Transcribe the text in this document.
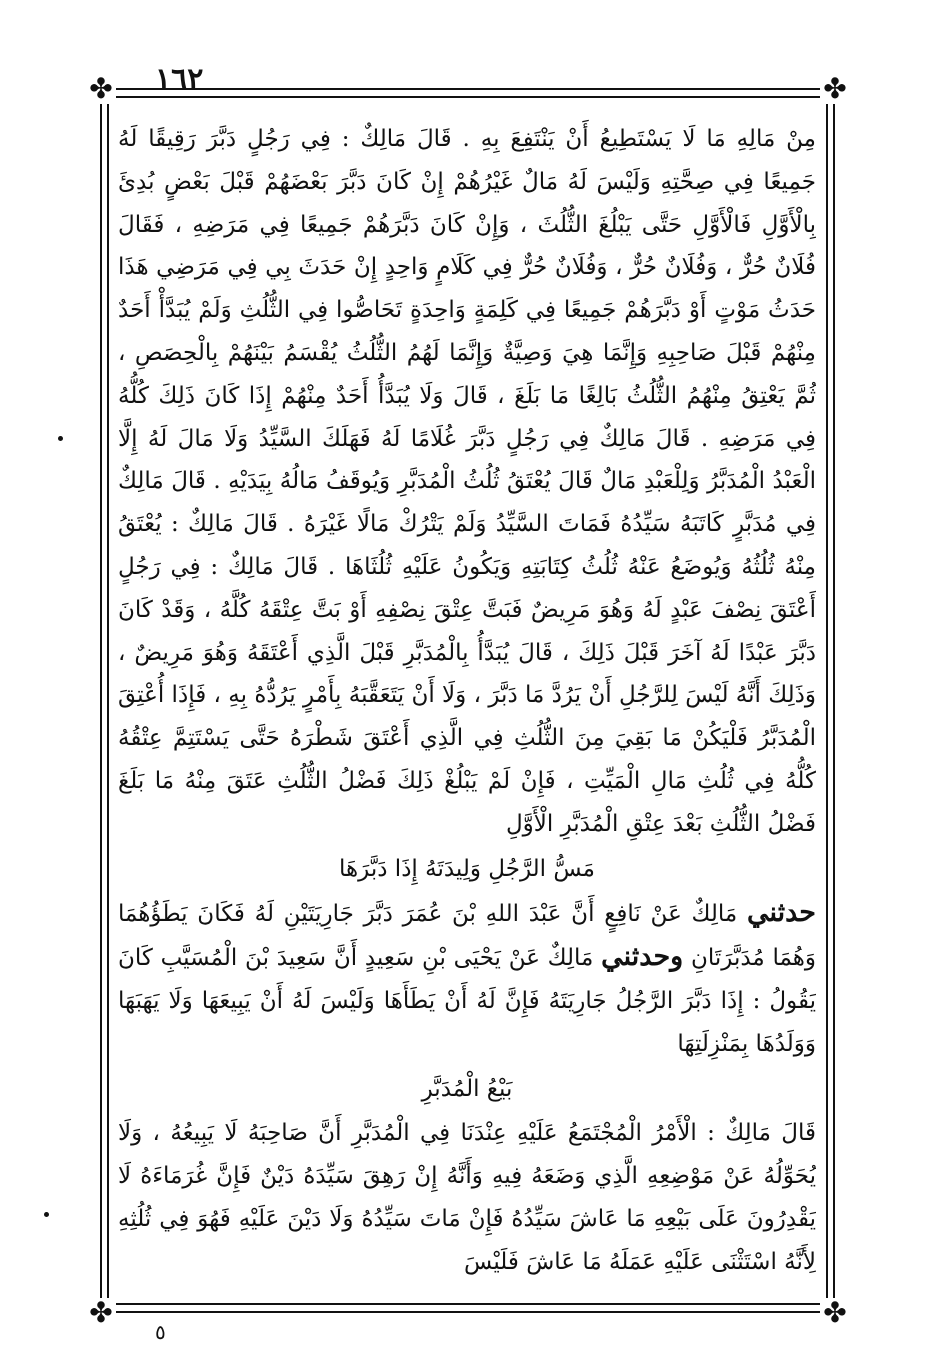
١٦٢
✤	✤
✤	✤

مِنْ مَالِهِ مَا لَا يَسْتَطِيعُ أَنْ يَنْتَفِعَ بِهِ . قَالَ مَالِكٌ : فِي رَجُلٍ دَبَّرَ رَقِيقًا لَهُ جَمِيعًا فِي صِحَّتِهِ وَلَيْسَ لَهُ مَالٌ غَيْرُهُمْ إِنْ كَانَ دَبَّرَ بَعْضَهُمْ قَبْلَ بَعْضٍ بُدِئَ بِالْأَوَّلِ فَالْأَوَّلِ حَتَّى يَبْلُغَ الثُّلُثَ ، وَإِنْ كَانَ دَبَّرَهُمْ جَمِيعًا فِي مَرَضِهِ ، فَقَالَ فُلَانٌ حُرٌّ ، وَفُلَانٌ حُرٌّ ، وَفُلَانٌ حُرٌّ فِي كَلَامٍ وَاحِدٍ إِنْ حَدَثَ بِي فِي مَرَضِي هَذَا حَدَثُ مَوْتٍ أَوْ دَبَّرَهُمْ جَمِيعًا فِي كَلِمَةٍ وَاحِدَةٍ تَحَاصُّوا فِي الثُّلُثِ وَلَمْ يُبَدَّأْ أَحَدٌ مِنْهُمْ قَبْلَ صَاحِبِهِ وَإِنَّمَا هِيَ وَصِيَّةٌ وَإِنَّمَا لَهُمُ الثُّلُثُ يُقْسَمُ بَيْنَهُمْ بِالْحِصَصِ ، ثُمَّ يَعْتِقُ مِنْهُمُ الثُّلُثُ بَالِغًا مَا بَلَغَ ، قَالَ وَلَا يُبَدَّأُ أَحَدٌ مِنْهُمْ إِذَا كَانَ ذَلِكَ كُلُّهُ فِي مَرَضِهِ . قَالَ مَالِكٌ فِي رَجُلٍ دَبَّرَ غُلَامًا لَهُ فَهَلَكَ السَّيِّدُ وَلَا مَالَ لَهُ إِلَّا الْعَبْدُ الْمُدَبَّرُ وَلِلْعَبْدِ مَالٌ قَالَ يُعْتَقُ ثُلُثُ الْمُدَبَّرِ وَيُوقَفُ مَالُهُ بِيَدَيْهِ . قَالَ مَالِكٌ فِي مُدَبَّرٍ كَاتَبَهُ سَيِّدُهُ فَمَاتَ السَّيِّدُ وَلَمْ يَتْرُكْ مَالًا غَيْرَهُ . قَالَ مَالِكٌ : يُعْتَقُ مِنْهُ ثُلُثُهُ وَيُوضَعُ عَنْهُ ثُلُثُ كِتَابَتِهِ وَيَكُونُ عَلَيْهِ ثُلُثَاهَا . قَالَ مَالِكٌ : فِي رَجُلٍ أَعْتَقَ نِصْفَ عَبْدٍ لَهُ وَهُوَ مَرِيضٌ فَبَتَّ عِتْقَ نِصْفِهِ أَوْ بَتَّ عِتْقَهُ كُلَّهُ ، وَقَدْ كَانَ دَبَّرَ عَبْدًا لَهُ آخَرَ قَبْلَ ذَلِكَ ، قَالَ يُبَدَّأُ بِالْمُدَبَّرِ قَبْلَ الَّذِي أَعْتَقَهُ وَهُوَ مَرِيضٌ ، وَذَلِكَ أَنَّهُ لَيْسَ لِلرَّجُلِ أَنْ يَرُدَّ مَا دَبَّرَ ، وَلَا أَنْ يَتَعَقَّبَهُ بِأَمْرٍ يَرُدُّهُ بِهِ ، فَإِذَا أُعْتِقَ الْمُدَبَّرُ فَلْيَكُنْ مَا بَقِيَ مِنَ الثُّلُثِ فِي الَّذِي أَعْتَقَ شَطْرَهُ حَتَّى يَسْتَتِمَّ عِتْقُهُ كُلُّهُ فِي ثُلُثِ مَالِ الْمَيِّتِ ، فَإِنْ لَمْ يَبْلُغْ ذَلِكَ فَضْلُ الثُّلُثِ عَتَقَ مِنْهُ مَا بَلَغَ فَضْلُ الثُّلُثِ بَعْدَ عِتْقِ الْمُدَبَّرِ الْأَوَّلِ

مَسُّ الرَّجُلِ وَلِيدَتَهُ إِذَا دَبَّرَهَا

حدثني مَالِكٌ عَنْ نَافِعٍ أَنَّ عَبْدَ اللهِ بْنَ عُمَرَ دَبَّرَ جَارِيَتَيْنِ لَهُ فَكَانَ يَطَؤُهُمَا وَهُمَا مُدَبَّرَتَانِ وحدثني مَالِكٌ عَنْ يَحْيَى بْنِ سَعِيدٍ أَنَّ سَعِيدَ بْنَ الْمُسَيَّبِ كَانَ يَقُولُ : إِذَا دَبَّرَ الرَّجُلُ جَارِيَتَهُ فَإِنَّ لَهُ أَنْ يَطَأَهَا وَلَيْسَ لَهُ أَنْ يَبِيعَهَا وَلَا يَهَبَهَا وَوَلَدُهَا بِمَنْزِلَتِهَا

بَيْعُ الْمُدَبَّرِ

قَالَ مَالِكٌ : الْأَمْرُ الْمُجْتَمَعُ عَلَيْهِ عِنْدَنَا فِي الْمُدَبَّرِ أَنَّ صَاحِبَهُ لَا يَبِيعُهُ ، وَلَا يُحَوِّلُهُ عَنْ مَوْضِعِهِ الَّذِي وَضَعَهُ فِيهِ وَأَنَّهُ إِنْ رَهِقَ سَيِّدَهُ دَيْنٌ فَإِنَّ غُرَمَاءَهُ لَا يَقْدِرُونَ عَلَى بَيْعِهِ مَا عَاشَ سَيِّدُهُ فَإِنْ مَاتَ سَيِّدُهُ وَلَا دَيْنَ عَلَيْهِ فَهُوَ فِي ثُلُثِهِ لِأَنَّهُ اسْتَثْنَى عَلَيْهِ عَمَلَهُ مَا عَاشَ فَلَيْسَ

٥
